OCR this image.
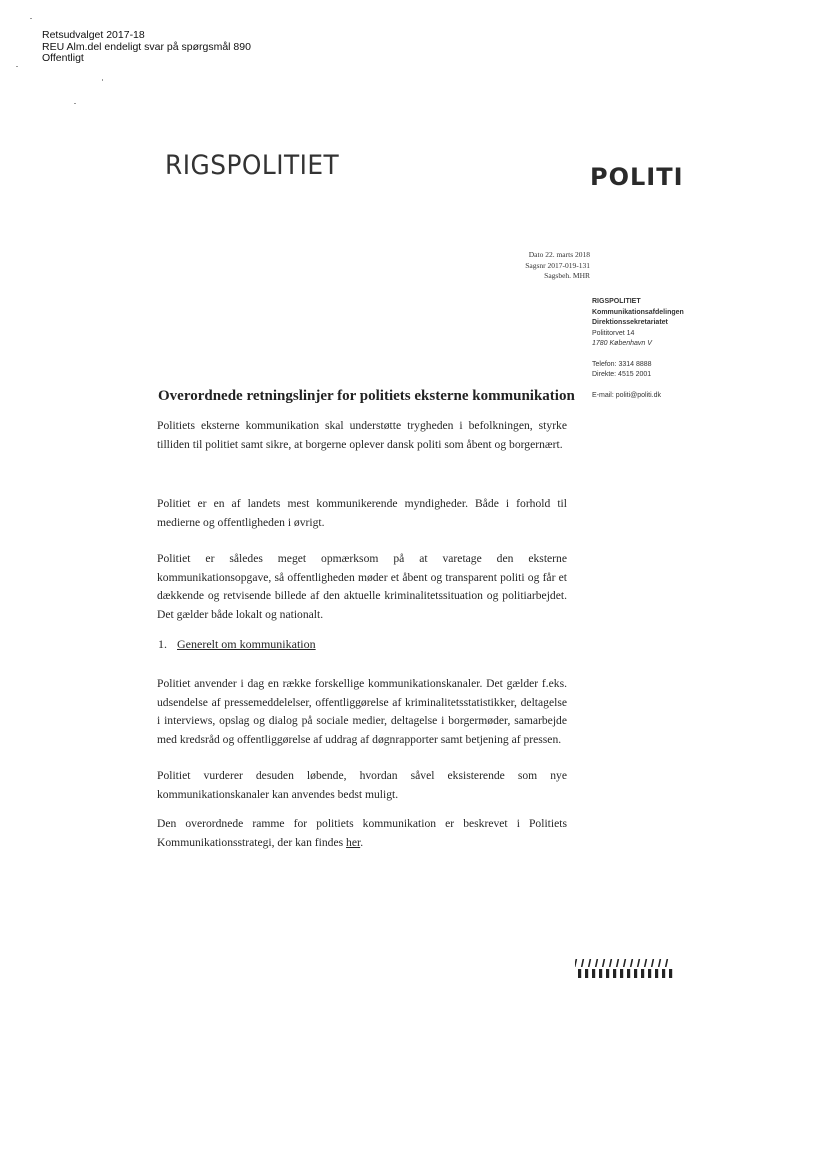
Retsudvalget 2017-18
REU Alm.del endeligt svar på spørgsmål 890
Offentligt
RIGSPOLITIET	POLITI
Dato 22. marts 2018
Sagsnr 2017-019-131
Sagsbeh. MHR
RIGSPOLITIET
Kommunikationsafdelingen
Direktionssekretariatet
Polititorvet 14
1780 København V
Telefon: 3314 8888
Direkte: 4515 2001
E-mail: politi@politi.dk
Overordnede retningslinjer for politiets eksterne kommunikation
Politiets eksterne kommunikation skal understøtte trygheden i befolkningen, styrke tilliden til politiet samt sikre, at borgerne oplever dansk politi som åbent og borgernært.
Politiet er en af landets mest kommunikerende myndigheder. Både i forhold til medierne og offentligheden i øvrigt.
Politiet er således meget opmærksom på at varetage den eksterne kommunikationsopgave, så offentligheden møder et åbent og transparent politi og får et dækkende og retvisende billede af den aktuelle kriminalitetssituation og politiarbejdet. Det gælder både lokalt og nationalt.
1. Generelt om kommunikation
Politiet anvender i dag en række forskellige kommunikationskanaler. Det gælder f.eks. udsendelse af pressemeddelelser, offentliggørelse af kriminalitetsstatistikker, deltagelse i interviews, opslag og dialog på sociale medier, deltagelse i borgermøder, samarbejde med kredsråd og offentliggørelse af uddrag af døgnrapporter samt betjening af pressen.
Politiet vurderer desuden løbende, hvordan såvel eksisterende som nye kommunikationskanaler kan anvendes bedst muligt.
Den overordnede ramme for politiets kommunikation er beskrevet i Politiets Kommunikationsstrategi, der kan findes her.
